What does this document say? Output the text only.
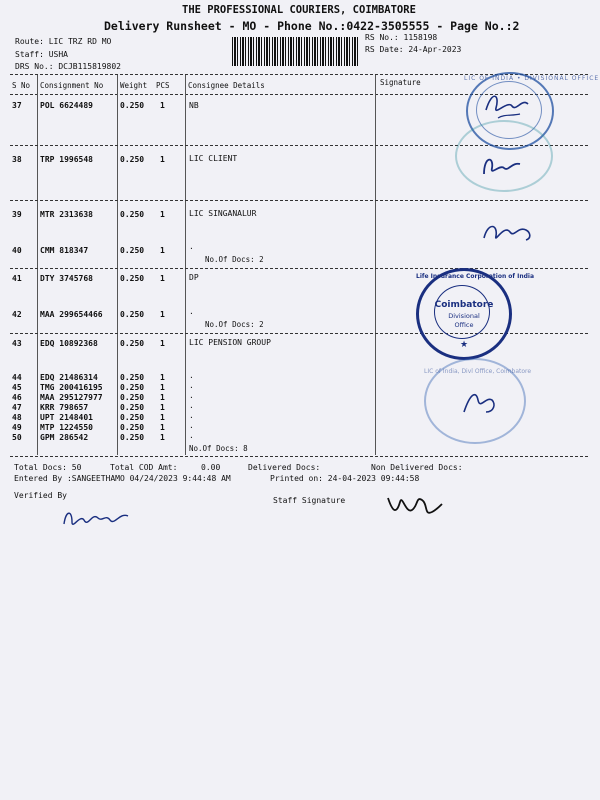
THE PROFESSIONAL COURIERS, COIMBATORE
Delivery Runsheet - MO - Phone No.:0422-3505555 - Page No.:2
Route: LIC TRZ RD MO
Staff: USHA
DRS No.: DCJB115819802
RS No.: 1158198
RS Date: 24-Apr-2023
S No Consignment No Weight PCS Consignee Details	Signature
37 POL 6624489	0.250 1	NB
38 TRP 1996548	0.250 1	LIC CLIENT
39 MTR 2313638	0.250 1	LIC SINGANALUR
40 CMM 818347	0.250 1	.
No.Of Docs: 2
41 DTY 3745768	0.250 1	DP
42 MAA 299654466 0.250 1	.
No.Of Docs: 2
43 EDQ 10892368	0.250 1	LIC PENSION GROUP
44 EDQ 21486314	0.250 1	.
45 TMG 200416195 0.250 1	.
46 MAA 295127977 0.250 1	.
47 KRR 798657	0.250 1	.
48 UPT 2148401	0.250 1	.
49 MTP 1224550	0.250 1	.
50 GPM 286542	0.250 1	.
No.Of Docs: 8
Total Docs: 50	Total COD Amt:	0.00	Delivered Docs:	Non Delivered Docs:
Entered By :SANGEETHAMO 04/24/2023 9:44:48 AM	Printed on: 24-04-2023 09:44:58
Verified By
Staff Signature
LIC OF INDIA • DIVISIONAL OFFICE
Life Insurance Corporation of India
Coimbatore
Divisional
Office
★
LIC of India, Divl Office, Coimbatore
